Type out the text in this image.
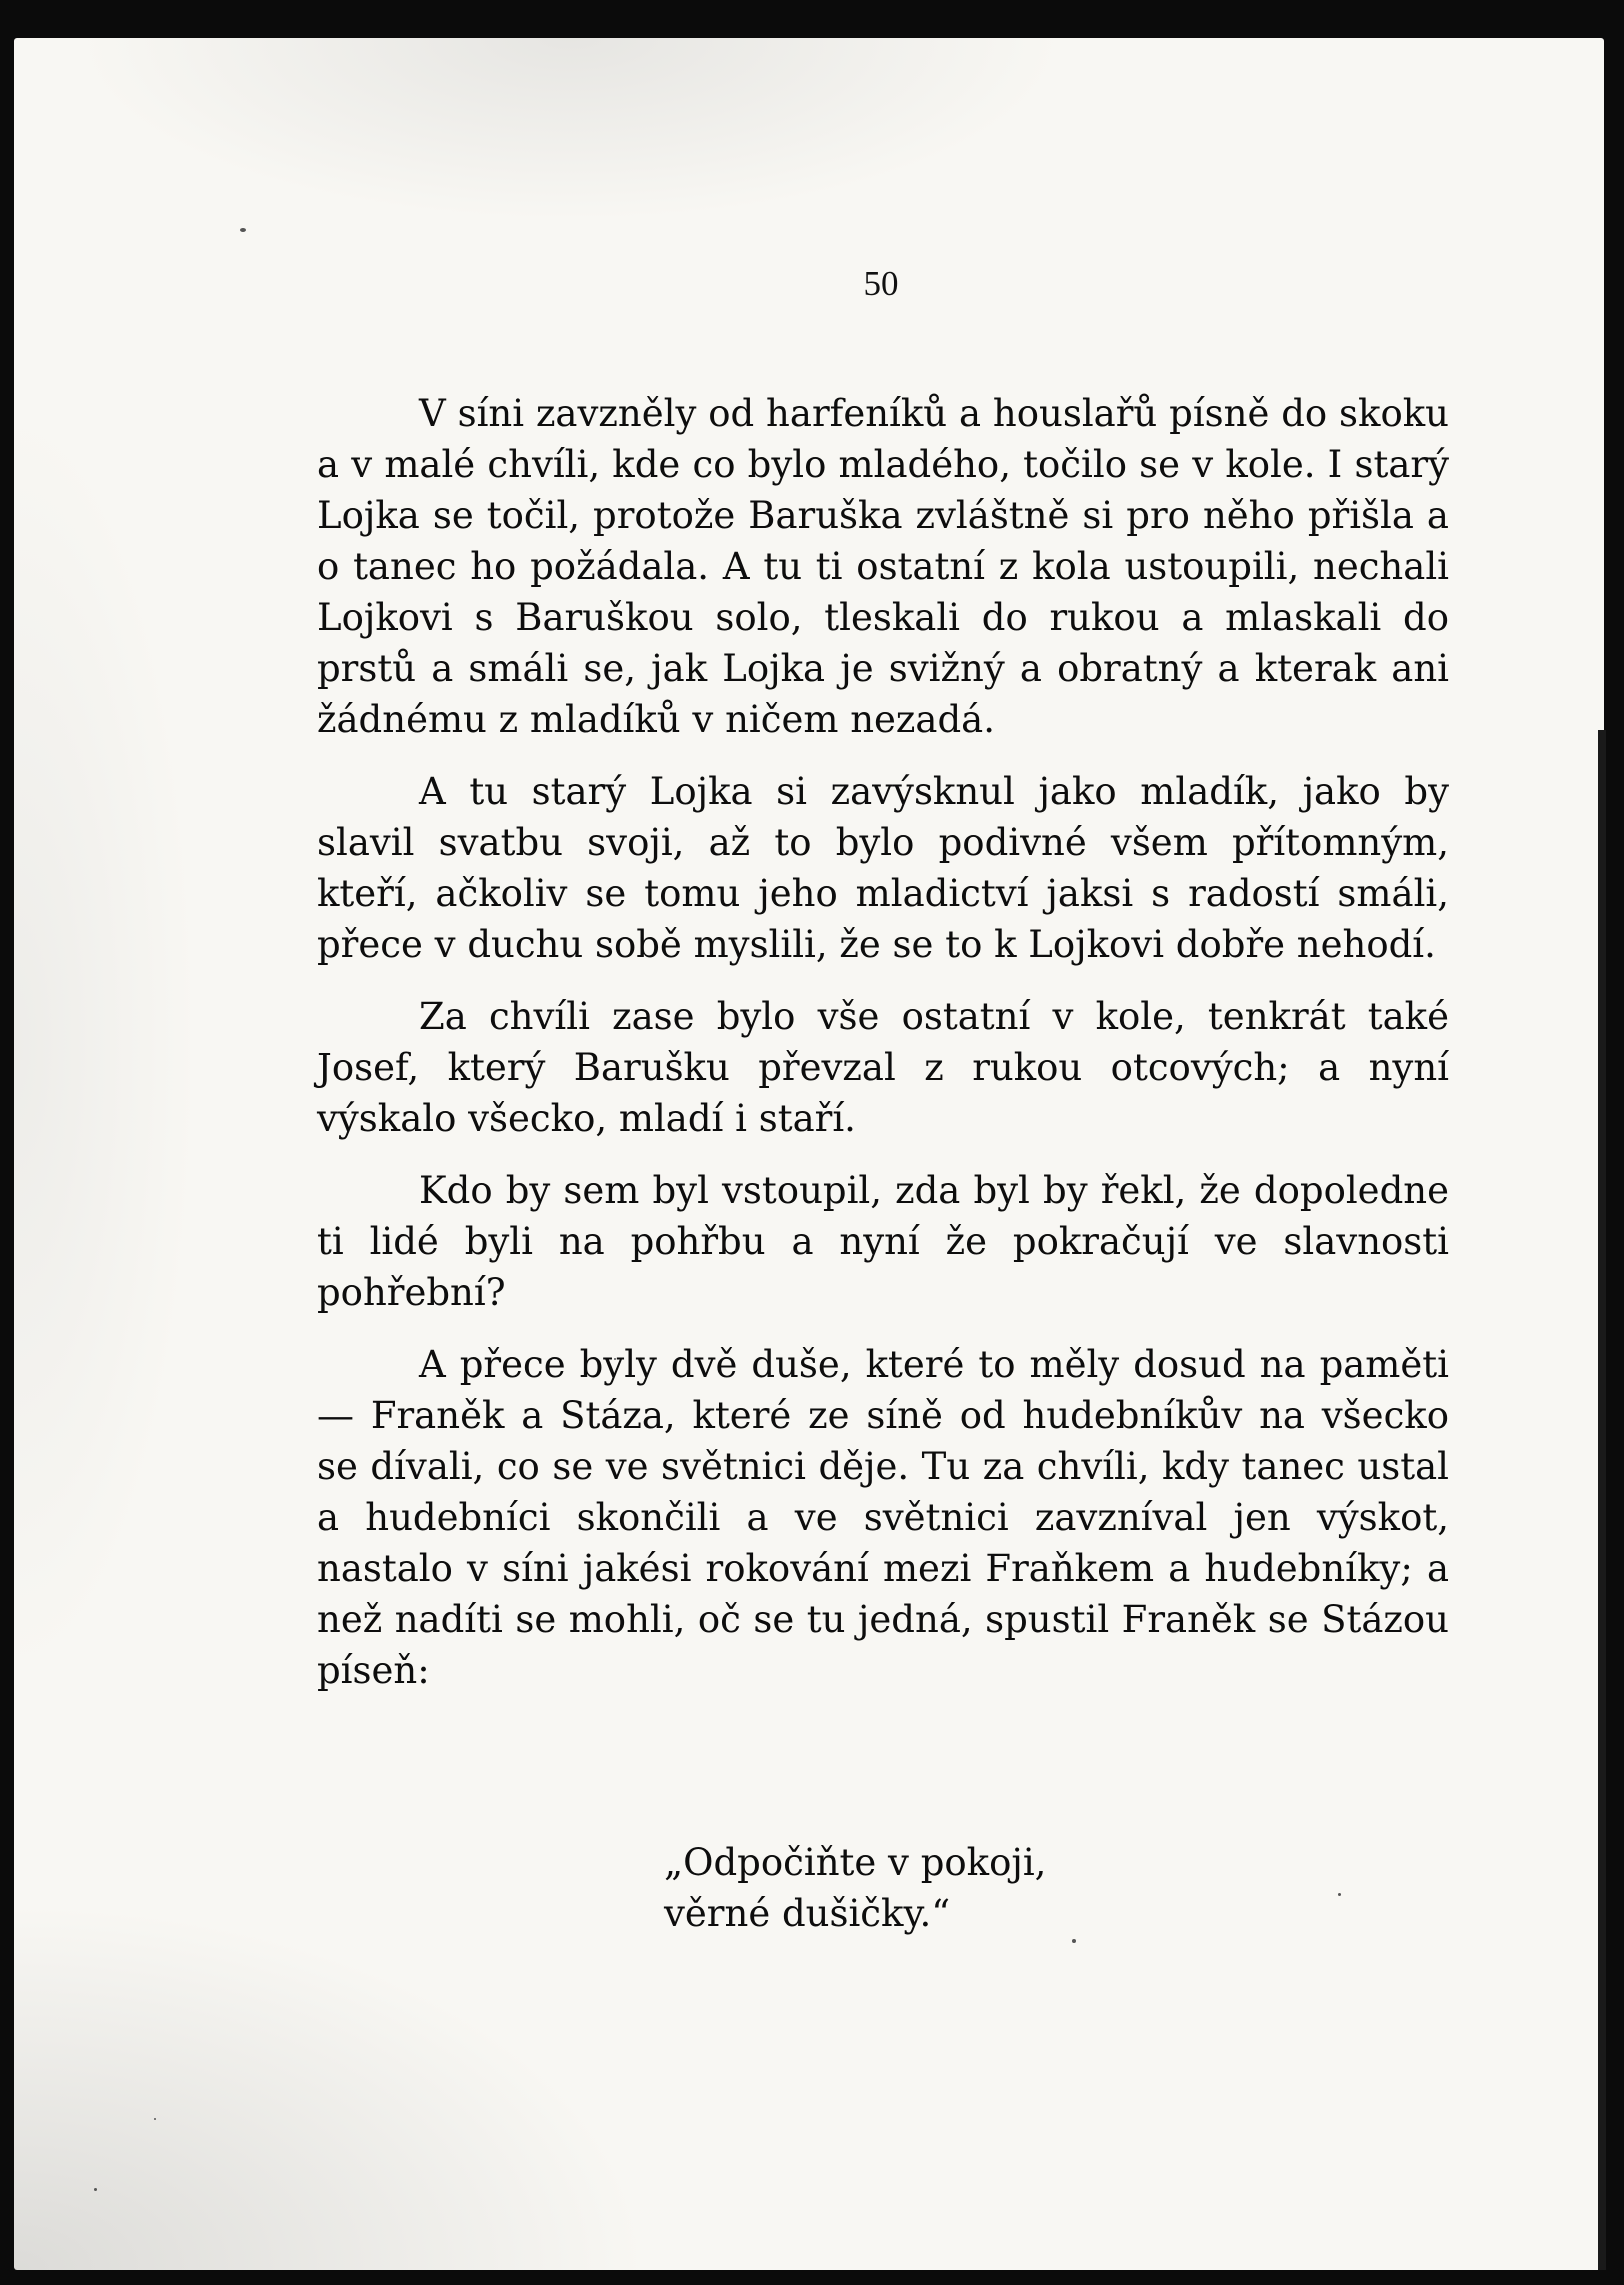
50

V síni zavzněly od harfeníků a houslařů písně do skoku a v malé chvíli, kde co bylo mladého, točilo se v kole. I starý Lojka se točil, protože Baruška zvláštně si pro něho přišla a o tanec ho požádala. A tu ti ostatní z kola ustoupili, nechali Lojkovi s Baruškou solo, tleskali do rukou a mlaskali do prstů a smáli se, jak Lojka je svižný a obratný a kterak ani žádnému z mladíků v ničem nezadá.

A tu starý Lojka si zavýsknul jako mladík, jako by slavil svatbu svoji, až to bylo podivné všem přítomným, kteří, ačkoliv se tomu jeho mladictví jaksi s radostí smáli, přece v duchu sobě myslili, že se to k Lojkovi dobře nehodí.

Za chvíli zase bylo vše ostatní v kole, tenkrát také Josef, který Barušku převzal z rukou otcových; a nyní výskalo všecko, mladí i staří.

Kdo by sem byl vstoupil, zda byl by řekl, že dopoledne ti lidé byli na pohřbu a nyní že pokračují ve slavnosti pohřební?

A přece byly dvě duše, které to měly dosud na paměti — Franěk a Stáza, které ze síně od hudebníkův na všecko se dívali, co se ve světnici děje. Tu za chvíli, kdy tanec ustal a hudebníci skončili a ve světnici zavzníval jen výskot, nastalo v síni jakési rokování mezi Fraňkem a hudebníky; a než nadíti se mohli, oč se tu jedná, spustil Franěk se Stázou píseň:

„Odpočiňte v pokoji,
věrné dušičky.“
